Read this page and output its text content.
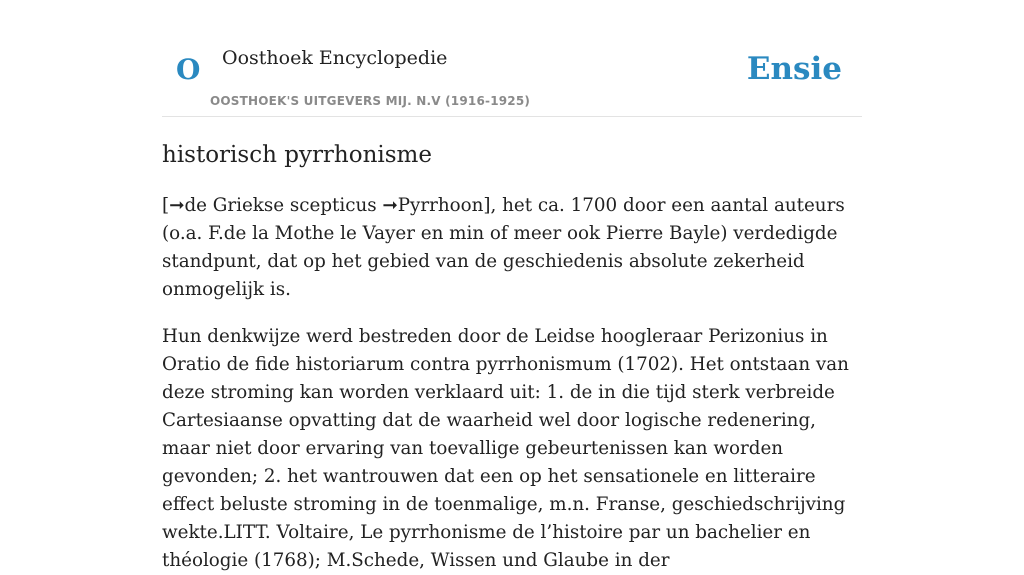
O Oosthoek Encyclopedie
OOSTHOEK'S UITGEVERS MIJ. N.V (1916-1925)
Ensie
historisch pyrrhonisme

[➞de Griekse scepticus ➞Pyrrhoon], het ca. 1700 door een aantal auteurs (o.a. F.de la Mothe le Vayer en min of meer ook Pierre Bayle) verdedigde standpunt, dat op het gebied van de geschiedenis absolute zekerheid onmogelijk is.

Hun denkwijze werd bestreden door de Leidse hoogleraar Perizonius in Oratio de fide historiarum contra pyrrhonismum (1702). Het ontstaan van deze stroming kan worden verklaard uit: 1. de in die tijd sterk verbreide Cartesiaanse opvatting dat de waarheid wel door logische redenering, maar niet door ervaring van toevallige gebeurtenissen kan worden gevonden; 2. het wantrouwen dat een op het sensationele en litteraire effect beluste stroming in de toenmalige, m.n. Franse, geschiedschrijving wekte.LITT. Voltaire, Le pyrrhonisme de l’histoire par un bachelier en théologie (1768); M.Schede, Wissen und Glaube in der
